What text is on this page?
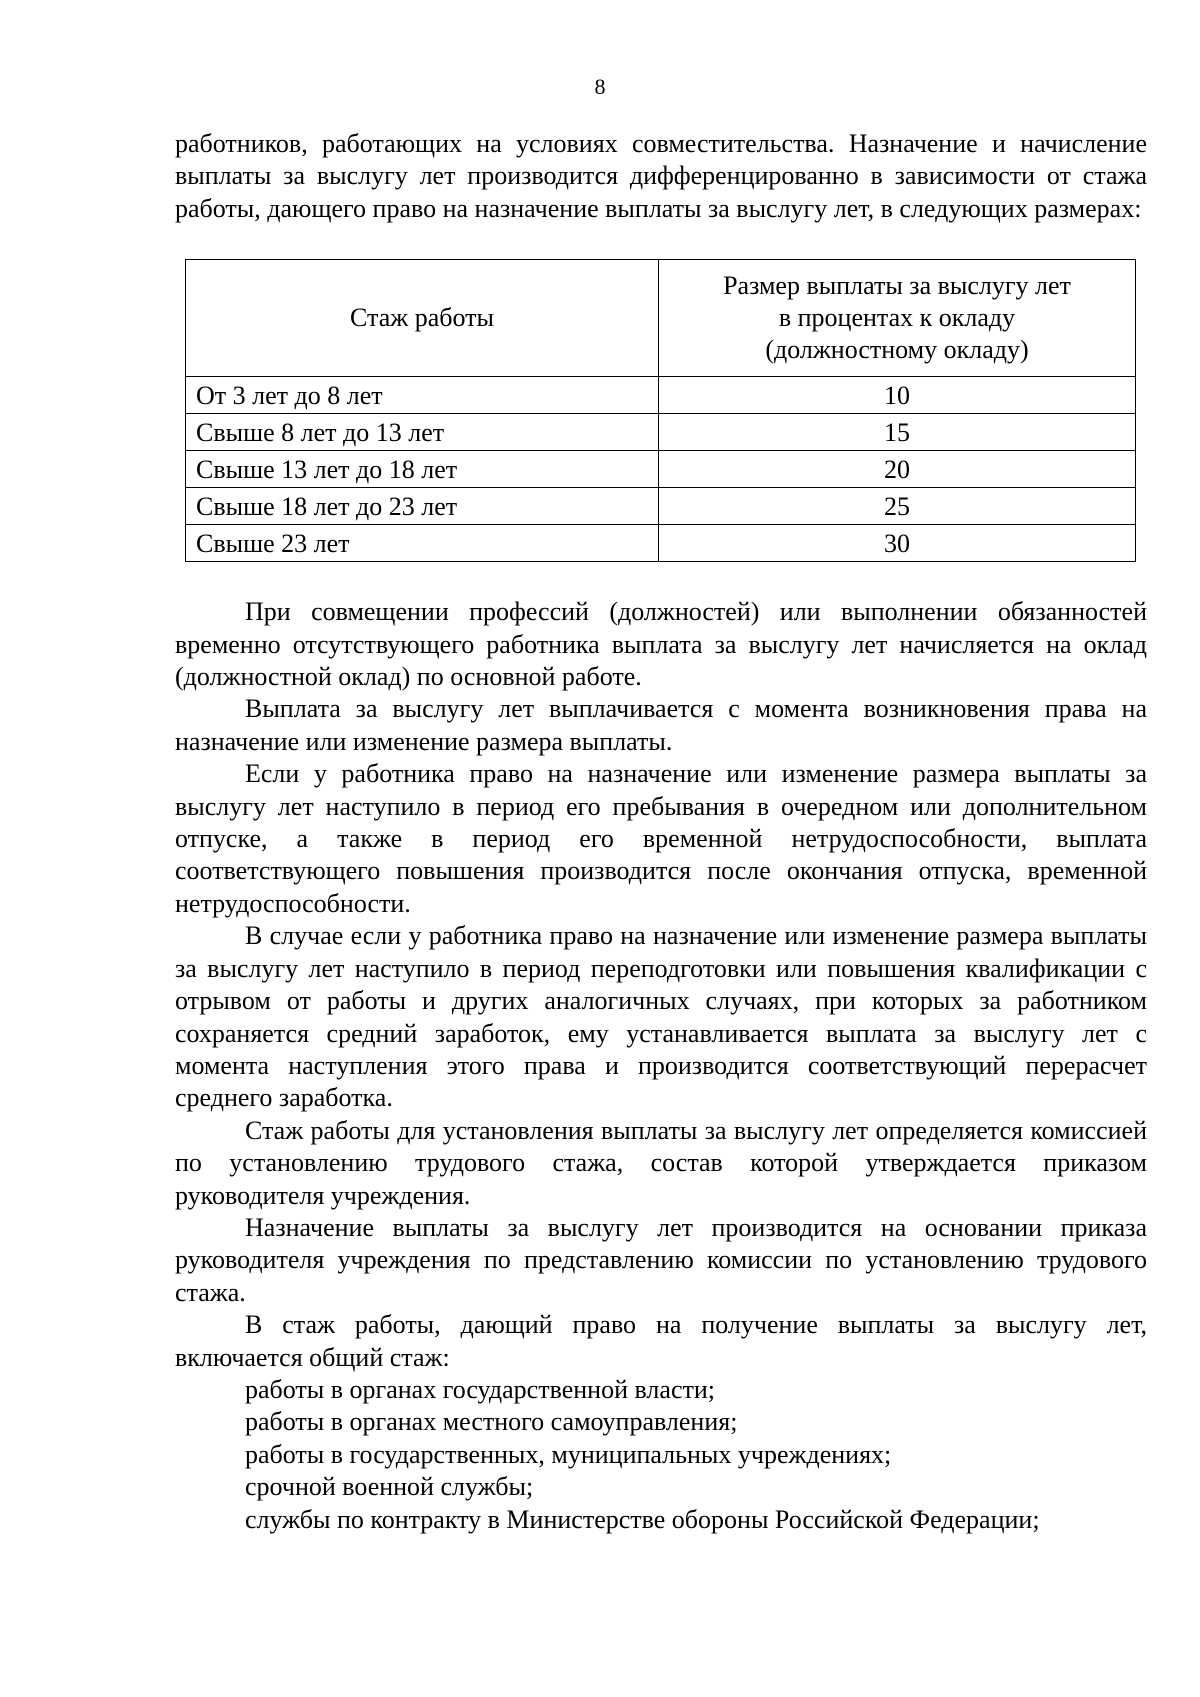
8

работников, работающих на условиях совместительства. Назначение и начисление выплаты за выслугу лет производится дифференцированно в зависимости от стажа работы, дающего право на назначение выплаты за выслугу лет, в следующих размерах:

Стаж работы	Размер выплаты за выслугу лет
в процентах к окладу
(должностному окладу)

От 3 лет до 8 лет	10
Свыше 8 лет до 13 лет	15
Свыше 13 лет до 18 лет	20
Свыше 18 лет до 23 лет	25
Свыше 23 лет	30

При совмещении профессий (должностей) или выполнении обязанностей временно отсутствующего работника выплата за выслугу лет начисляется на оклад (должностной оклад) по основной работе.

Выплата за выслугу лет выплачивается с момента возникновения права на назначение или изменение размера выплаты.

Если у работника право на назначение или изменение размера выплаты за выслугу лет наступило в период его пребывания в очередном или дополнительном отпуске, а также в период его временной нетрудоспособности, выплата соответствующего повышения производится после окончания отпуска, временной нетрудоспособности.

В случае если у работника право на назначение или изменение размера выплаты за выслугу лет наступило в период переподготовки или повышения квалификации с отрывом от работы и других аналогичных случаях, при которых за работником сохраняется средний заработок, ему устанавливается выплата за выслугу лет с момента наступления этого права и производится соответствующий перерасчет среднего заработка.

Стаж работы для установления выплаты за выслугу лет определяется комиссией по установлению трудового стажа, состав которой утверждается приказом руководителя учреждения.

Назначение выплаты за выслугу лет производится на основании приказа руководителя учреждения по представлению комиссии по установлению трудового стажа.

В стаж работы, дающий право на получение выплаты за выслугу лет, включается общий стаж:

работы в органах государственной власти;

работы в органах местного самоуправления;

работы в государственных, муниципальных учреждениях;

срочной военной службы;

службы по контракту в Министерстве обороны Российской Федерации;
